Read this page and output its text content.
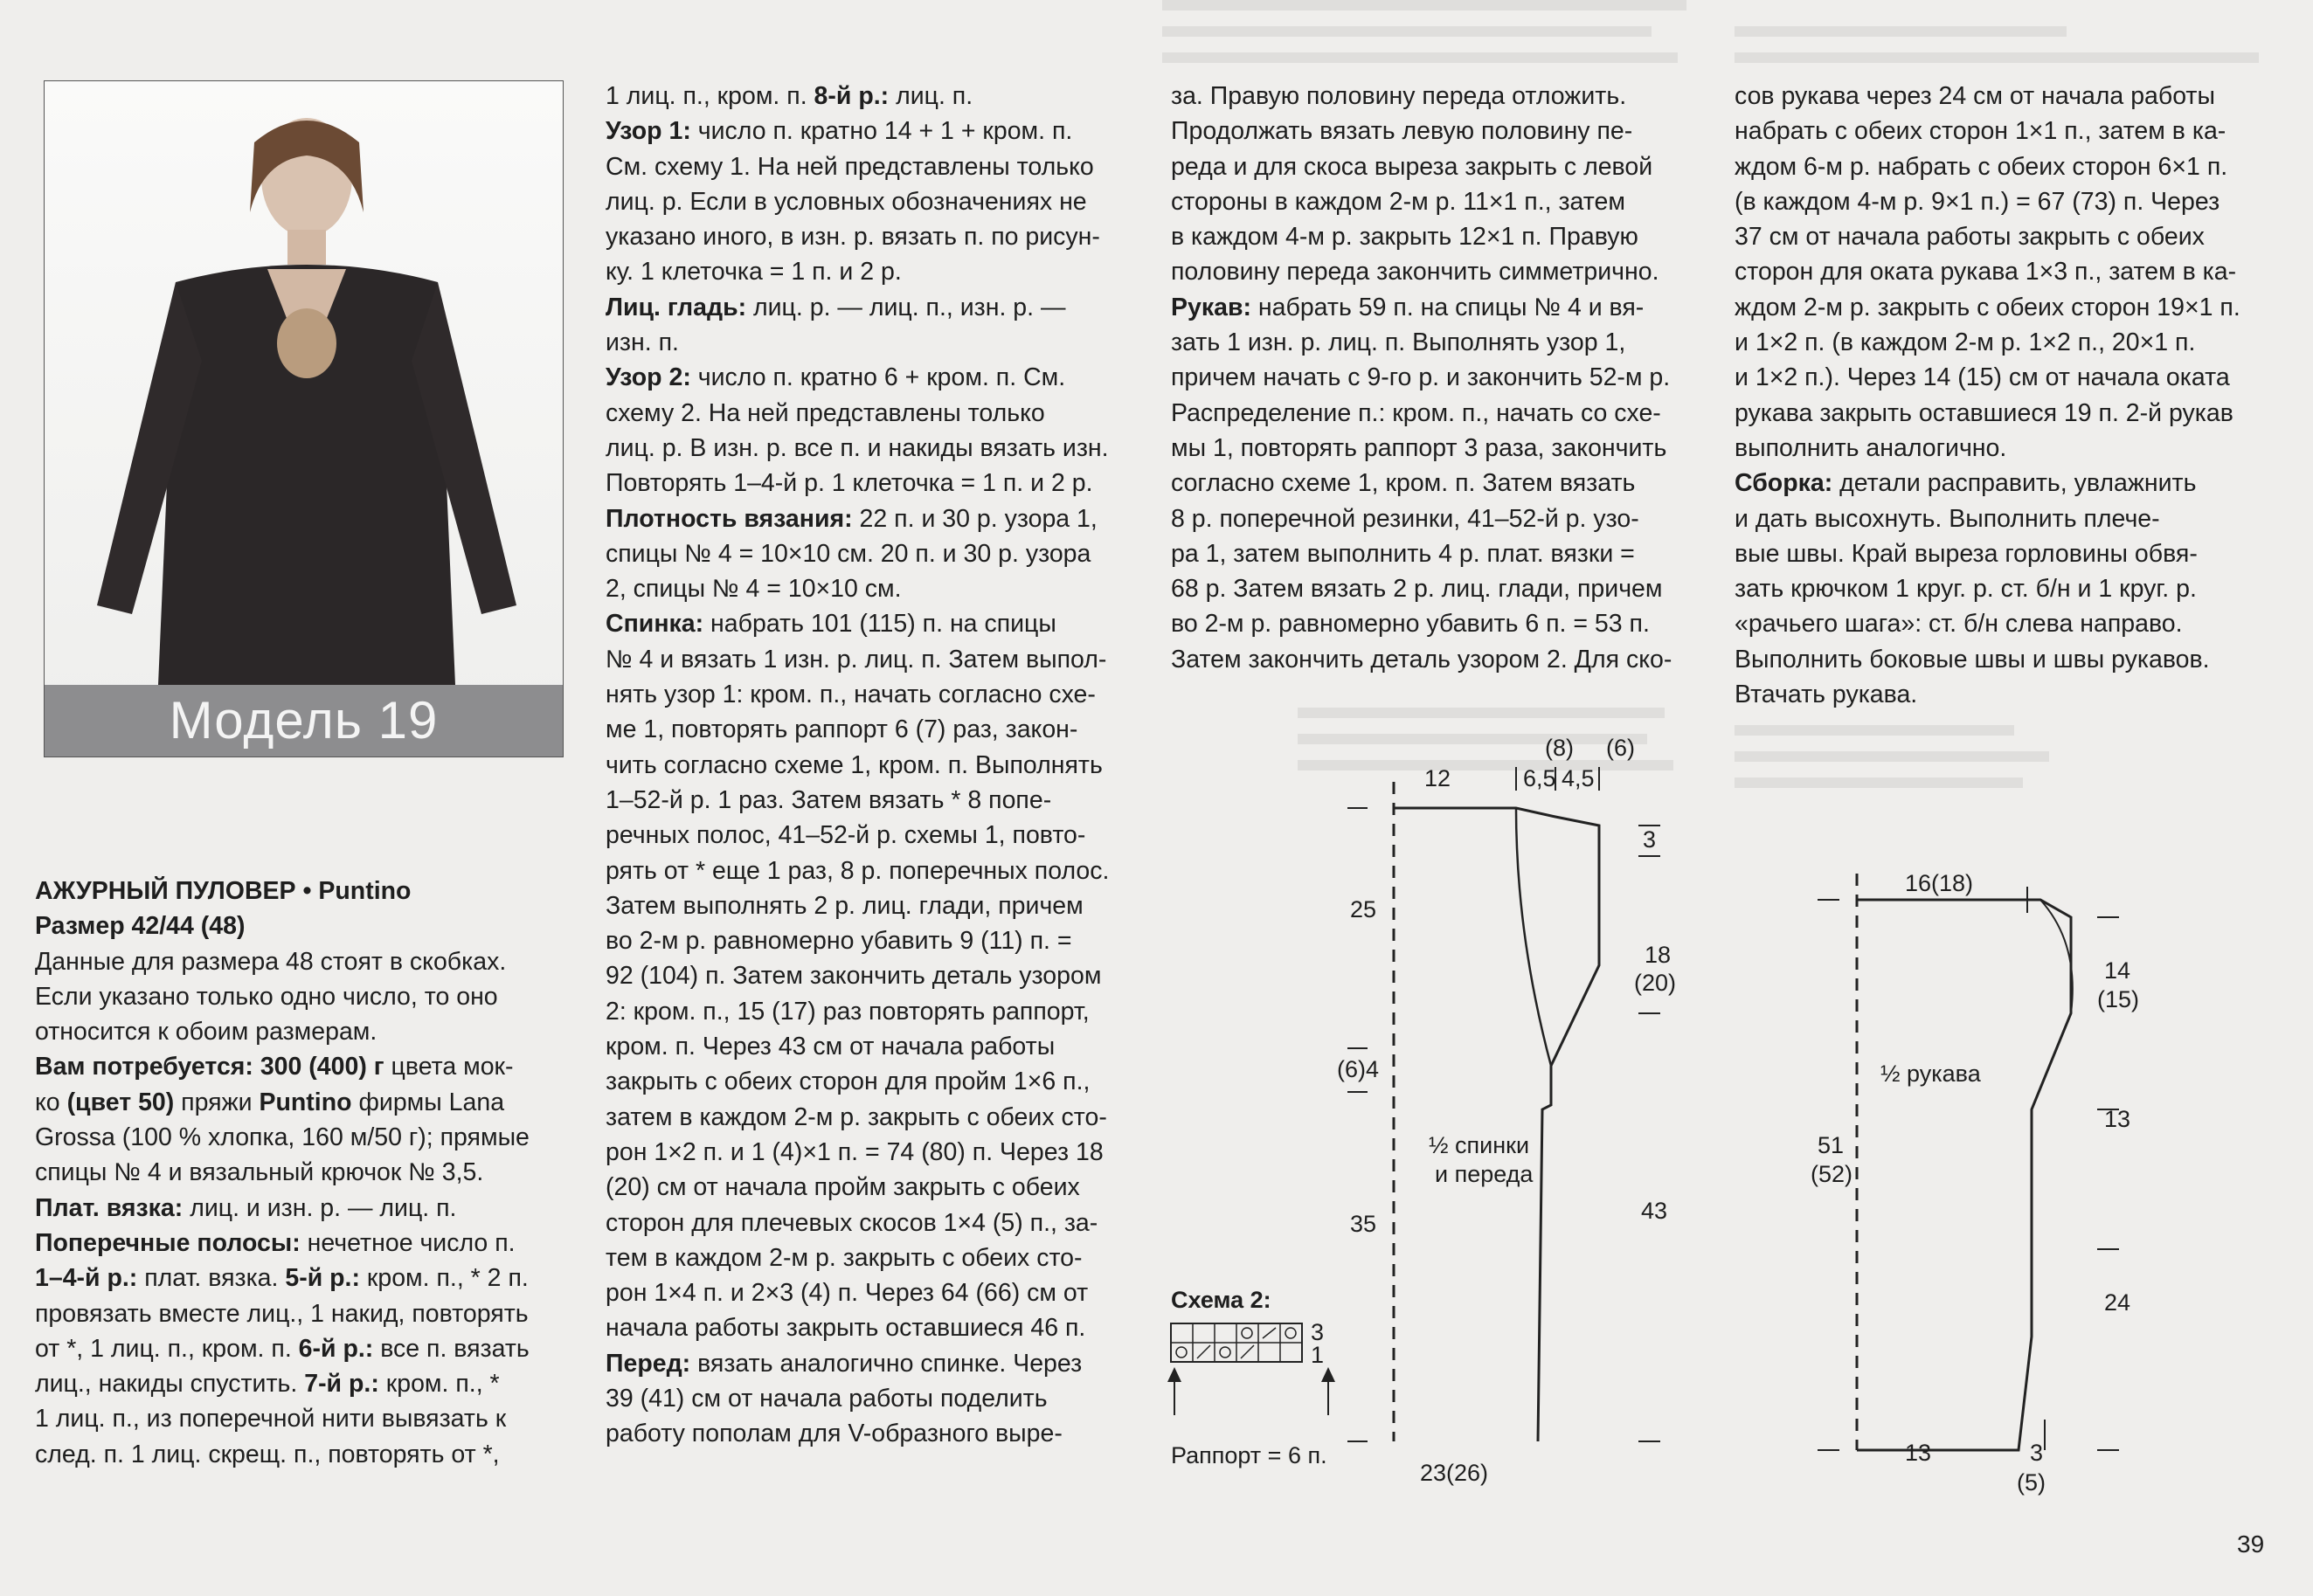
Модель 19

АЖУРНЫЙ ПУЛОВЕР • Puntino

Размер 42/44 (48)

Данные для размера 48 стоят в скобках.

Если указано только одно число, то оно

относится к обоим размерам.

Вам потребуется: 300 (400) г цвета мок-

ко (цвет 50) пряжи Puntino фирмы Lana

Grossa (100 % хлопка, 160 м/50 г); прямые

спицы № 4 и вязальный крючок № 3,5.

Плат. вязка: лиц. и изн. р. — лиц. п.

Поперечные полосы: нечетное число п.

1–4-й р.: плат. вязка. 5-й р.: кром. п., * 2 п.

провязать вместе лиц., 1 накид, повторять

от *, 1 лиц. п., кром. п. 6-й р.: все п. вязать

лиц., накиды спустить. 7-й р.: кром. п., *

1 лиц. п., из поперечной нити вывязать к

след. п. 1 лиц. скрещ. п., повторять от *,

1 лиц. п., кром. п. 8-й р.: лиц. п.

Узор 1: число п. кратно 14 + 1 + кром. п.

См. схему 1. На ней представлены только

лиц. р. Если в условных обозначениях не

указано иного, в изн. р. вязать п. по рисун-

ку. 1 клеточка = 1 п. и 2 р.

Лиц. гладь: лиц. р. — лиц. п., изн. р. —

изн. п.

Узор 2: число п. кратно 6 + кром. п. См.

схему 2. На ней представлены только

лиц. р. В изн. р. все п. и накиды вязать изн.

Повторять 1–4-й р. 1 клеточка = 1 п. и 2 р.

Плотность вязания: 22 п. и 30 р. узора 1,

спицы № 4 = 10×10 см. 20 п. и 30 р. узора

2, спицы № 4 = 10×10 см.

Спинка: набрать 101 (115) п. на спицы

№ 4 и вязать 1 изн. р. лиц. п. Затем выпол-

нять узор 1: кром. п., начать согласно схе-

ме 1, повторять раппорт 6 (7) раз, закон-

чить согласно схеме 1, кром. п. Выполнять

1–52-й р. 1 раз. Затем вязать * 8 попе-

речных полос, 41–52-й р. схемы 1, повто-

рять от * еще 1 раз, 8 р. поперечных полос.

Затем выполнять 2 р. лиц. глади, причем

во 2-м р. равномерно убавить 9 (11) п. =

92 (104) п. Затем закончить деталь узором

2: кром. п., 15 (17) раз повторять раппорт,

кром. п. Через 43 см от начала работы

закрыть с обеих сторон для пройм 1×6 п.,

затем в каждом 2-м р. закрыть с обеих сто-

рон 1×2 п. и 1 (4)×1 п. = 74 (80) п. Через 18

(20) см от начала пройм закрыть с обеих

сторон для плечевых скосов 1×4 (5) п., за-

тем в каждом 2-м р. закрыть с обеих сто-

рон 1×4 п. и 2×3 (4) п. Через 64 (66) см от

начала работы закрыть оставшиеся 46 п.

Перед: вязать аналогично спинке. Через

39 (41) см от начала работы поделить

работу пополам для V-образного выре-

за. Правую половину переда отложить.

Продолжать вязать левую половину пе-

реда и для скоса выреза закрыть с левой

стороны в каждом 2-м р. 11×1 п., затем

в каждом 4-м р. закрыть 12×1 п. Правую

половину переда закончить симметрично.

Рукав: набрать 59 п. на спицы № 4 и вя-

зать 1 изн. р. лиц. п. Выполнять узор 1,

причем начать с 9-го р. и закончить 52-м р.

Распределение п.: кром. п., начать со схе-

мы 1, повторять раппорт 3 раза, закончить

согласно схеме 1, кром. п. Затем вязать

8 р. поперечной резинки, 41–52-й р. узо-

ра 1, затем выполнить 4 р. плат. вязки =

68 р. Затем вязать 2 р. лиц. глади, причем

во 2-м р. равномерно убавить 6 п. = 53 п.

Затем закончить деталь узором 2. Для ско-

сов рукава через 24 см от начала работы

набрать с обеих сторон 1×1 п., затем в ка-

ждом 6-м р. набрать с обеих сторон 6×1 п.

(в каждом 4-м р. 9×1 п.) = 67 (73) п. Через

37 см от начала работы закрыть с обеих

сторон для оката рукава 1×3 п., затем в ка-

ждом 2-м р. закрыть с обеих сторон 19×1 п.

и 1×2 п. (в каждом 2-м р. 1×2 п., 20×1 п.

и 1×2 п.). Через 14 (15) см от начала оката

рукава закрыть оставшиеся 19 п. 2-й рукав

выполнить аналогично.

Сборка: детали расправить, увлажнить

и дать высохнуть. Выполнить плече-

вые швы. Край выреза горловины обвя-

зать крючком 1 круг. р. ст. б/н и 1 круг. р.

«рачьего шага»: ст. б/н слева направо.

Выполнить боковые швы и швы рукавов.

Втачать рукава.

(8) (6)
12	6,5 4,5
3
25
18
(20)
(6)4
½ спинки
и переда
35	43
23(26)
Схема 2:
3
1
Раппорт = 6 п.
16(18)
14
(15)
½ рукава
51
(52)
13
24
13	3
(5)
39
